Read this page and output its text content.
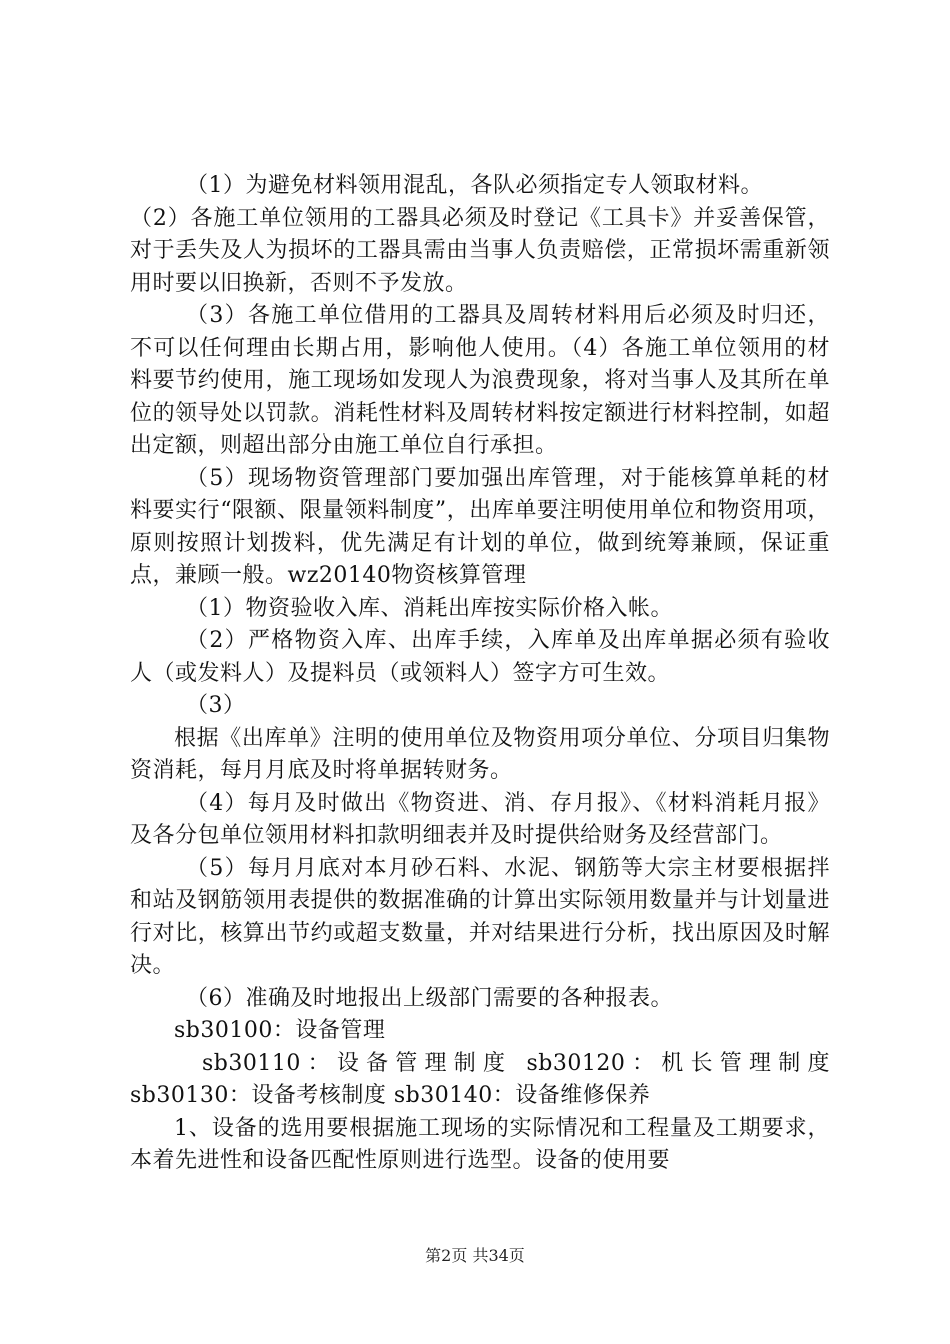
（1）为避免材料领用混乱，各队必须指定专人领取材料。

（2）各施工单位领用的工器具必须及时登记《工具卡》并妥善保管，对于丢失及人为损坏的工器具需由当事人负责赔偿，正常损坏需重新领用时要以旧换新，否则不予发放。

（3）各施工单位借用的工器具及周转材料用后必须及时归还，不可以任何理由长期占用，影响他人使用。（4）各施工单位领用的材料要节约使用，施工现场如发现人为浪费现象，将对当事人及其所在单位的领导处以罚款。消耗性材料及周转材料按定额进行材料控制，如超出定额，则超出部分由施工单位自行承担。

（5）现场物资管理部门要加强出库管理，对于能核算单耗的材料要实行“限额、限量领料制度”，出库单要注明使用单位和物资用项，原则按照计划拨料，优先满足有计划的单位，做到统筹兼顾，保证重点，兼顾一般。wz20140物资核算管理

（1）物资验收入库、消耗出库按实际价格入帐。

（2）严格物资入库、出库手续，入库单及出库单据必须有验收人（或发料人）及提料员（或领料人）签字方可生效。

（3）

根据《出库单》注明的使用单位及物资用项分单位、分项目归集物资消耗，每月月底及时将单据转财务。

（4）每月及时做出《物资进、消、存月报》、《材料消耗月报》及各分包单位领用材料扣款明细表并及时提供给财务及经营部门。

（5）每月月底对本月砂石料、水泥、钢筋等大宗主材要根据拌和站及钢筋领用表提供的数据准确的计算出实际领用数量并与计划量进行对比，核算出节约或超支数量，并对结果进行分析，找出原因及时解决。

（6）准确及时地报出上级部门需要的各种报表。

sb30100：设备管理

sb30110：设备管理制度 sb30120：机长管理制度 sb30130：设备考核制度 sb30140：设备维修保养

1、设备的选用要根据施工现场的实际情况和工程量及工期要求，本着先进性和设备匹配性原则进行选型。设备的使用要

第2页 共34页
